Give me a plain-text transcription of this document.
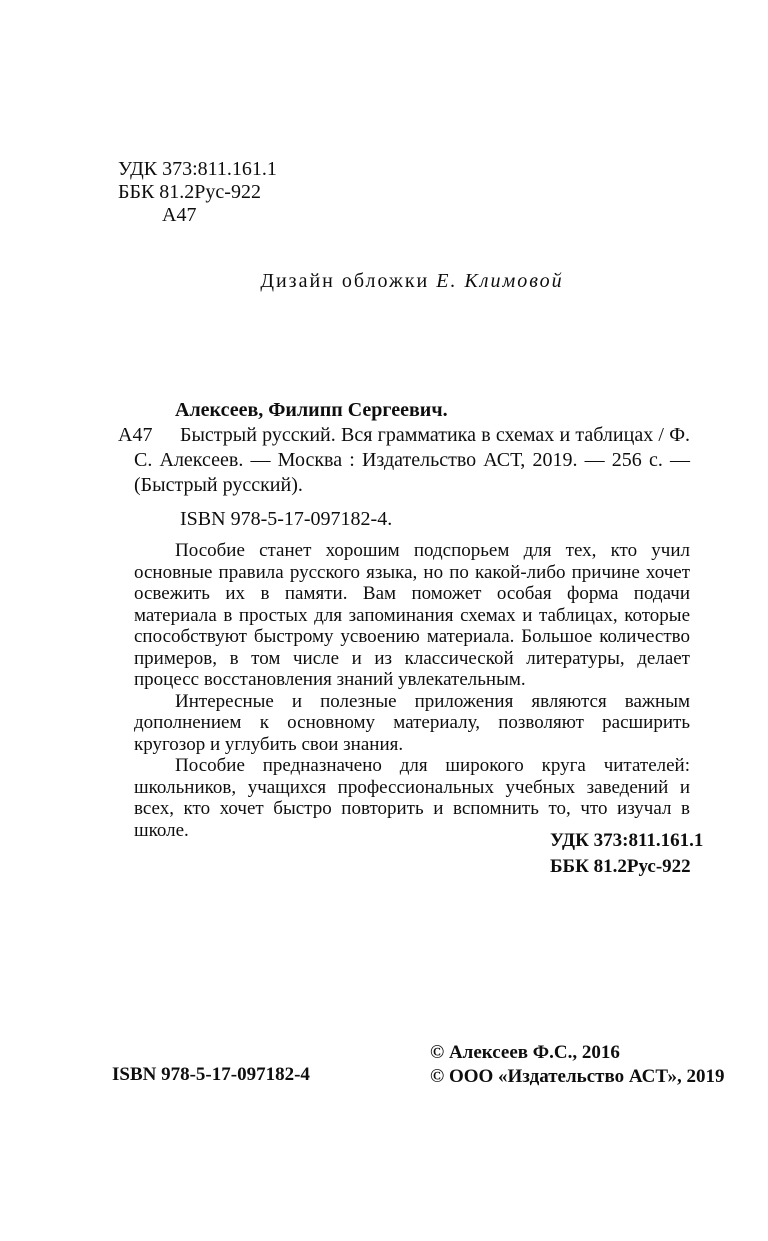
УДК 373:811.161.1
ББК 81.2Рус-922
А47
Дизайн обложки Е. Климовой
Алексеев, Филипп Сергеевич.

А47 Быстрый русский. Вся грамматика в схемах и таблицах / Ф. С. Алексеев. — Москва : Издательство АСТ, 2019. — 256 с. — (Быстрый русский).

ISBN 978-5-17-097182-4.

Пособие станет хорошим подспорьем для тех, кто учил основные правила русского языка, но по какой-либо причине хочет освежить их в памяти. Вам поможет особая форма подачи материала в простых для запоминания схемах и таблицах, которые способствуют быстрому усвоению материала. Большое количество примеров, в том числе и из классической литературы, делает процесс восстановления знаний увлекательным.

Интересные и полезные приложения являются важным дополнением к основному материалу, позволяют расширить кругозор и углубить свои знания.

Пособие предназначено для широкого круга читателей: школьников, учащихся профессиональных учебных заведений и всех, кто хочет быстро повторить и вспомнить то, что изучал в школе.	УДК 373:811.161.1
ББК 81.2Рус-922
ISBN 978-5-17-097182-4
© Алексеев Ф.С., 2016
© ООО «Издательство АСТ», 2019
